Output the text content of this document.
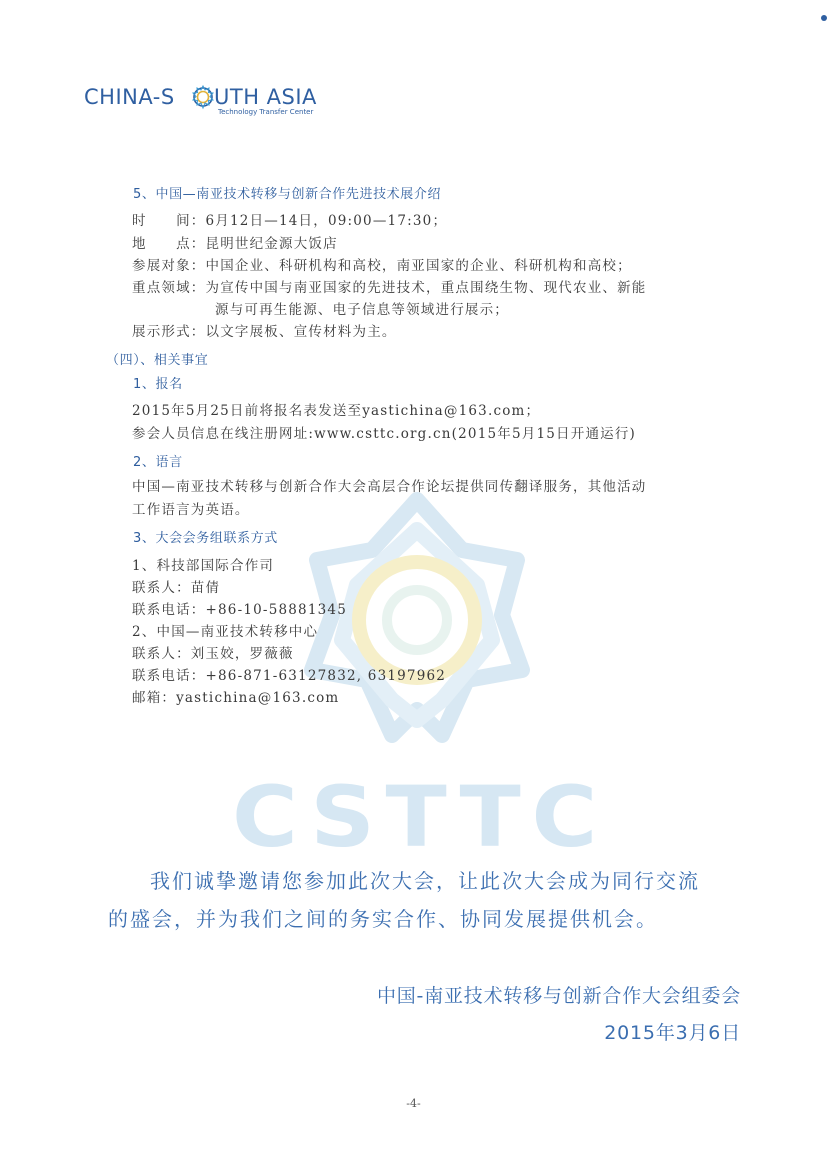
CHINA-S UTH ASIA
Technology Transfer Center
CSTTC
5、中国—南亚技术转移与创新合作先进技术展介绍
时　　间：6月12日—14日，09:00—17:30；
地　　点：昆明世纪金源大饭店
参展对象：中国企业、科研机构和高校，南亚国家的企业、科研机构和高校；
重点领域：为宣传中国与南亚国家的先进技术，重点围绕生物、现代农业、新能
源与可再生能源、电子信息等领域进行展示；
展示形式：以文字展板、宣传材料为主。
（四）、相关事宜
1、报名
2015年5月25日前将报名表发送至yastichina@163.com；
参会人员信息在线注册网址:www.csttc.org.cn(2015年5月15日开通运行)
2、语言
中国—南亚技术转移与创新合作大会高层合作论坛提供同传翻译服务，其他活动
工作语言为英语。
3、大会会务组联系方式
1、科技部国际合作司
联系人：苗倩
联系电话：+86-10-58881345
2、中国—南亚技术转移中心
联系人：刘玉姣，罗薇薇
联系电话：+86-871-63127832, 63197962
邮箱：yastichina@163.com
我们诚挚邀请您参加此次大会，让此次大会成为同行交流
的盛会，并为我们之间的务实合作、协同发展提供机会。
中国-南亚技术转移与创新合作大会组委会
2015年3月6日
-4-
